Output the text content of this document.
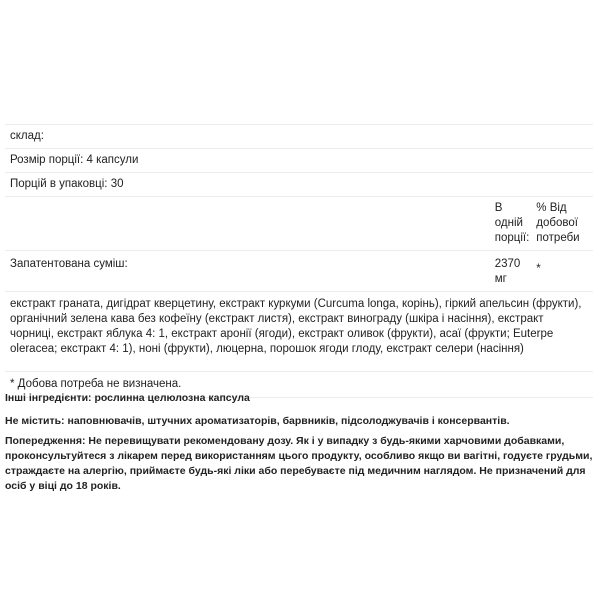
склад:		
Розмір порції: 4 капсули		
Порцій в упаковці: 30		
	В одній порції:	% Від добової потреби
Запатентована суміш:	2370 мг	*
екстракт граната, дигідрат кверцетину, екстракт куркуми (Curcuma longa, корінь), гіркий апельсин (фрукти), органічний зелена кава без кофеїну (екстракт листя), екстракт винограду (шкіра і насіння), екстракт чорниці, екстракт яблука 4: 1, екстракт аронії (ягоди), екстракт оливок (фрукти), асаї (фрукти; Euterpe oleracea; екстракт 4: 1), ноні (фрукти), люцерна, порошок ягоди глоду, екстракт селери (насіння)		
* Добова потреба не визначена.		
Інші інгредієнти: рослинна целюлозна капсула
Не містить: наповнювачів, штучних ароматизаторів, барвників, підсолоджувачів і консервантів.
Попередження: Не перевищувати рекомендовану дозу. Як і у випадку з будь-якими харчовими добавками, проконсультуйтеся з лікарем перед використанням цього продукту, особливо якщо ви вагітні, годуєте грудьми, страждаєте на алергію, приймаєте будь-які ліки або перебуваєте під медичним наглядом. Не призначений для осіб у віці до 18 років.
